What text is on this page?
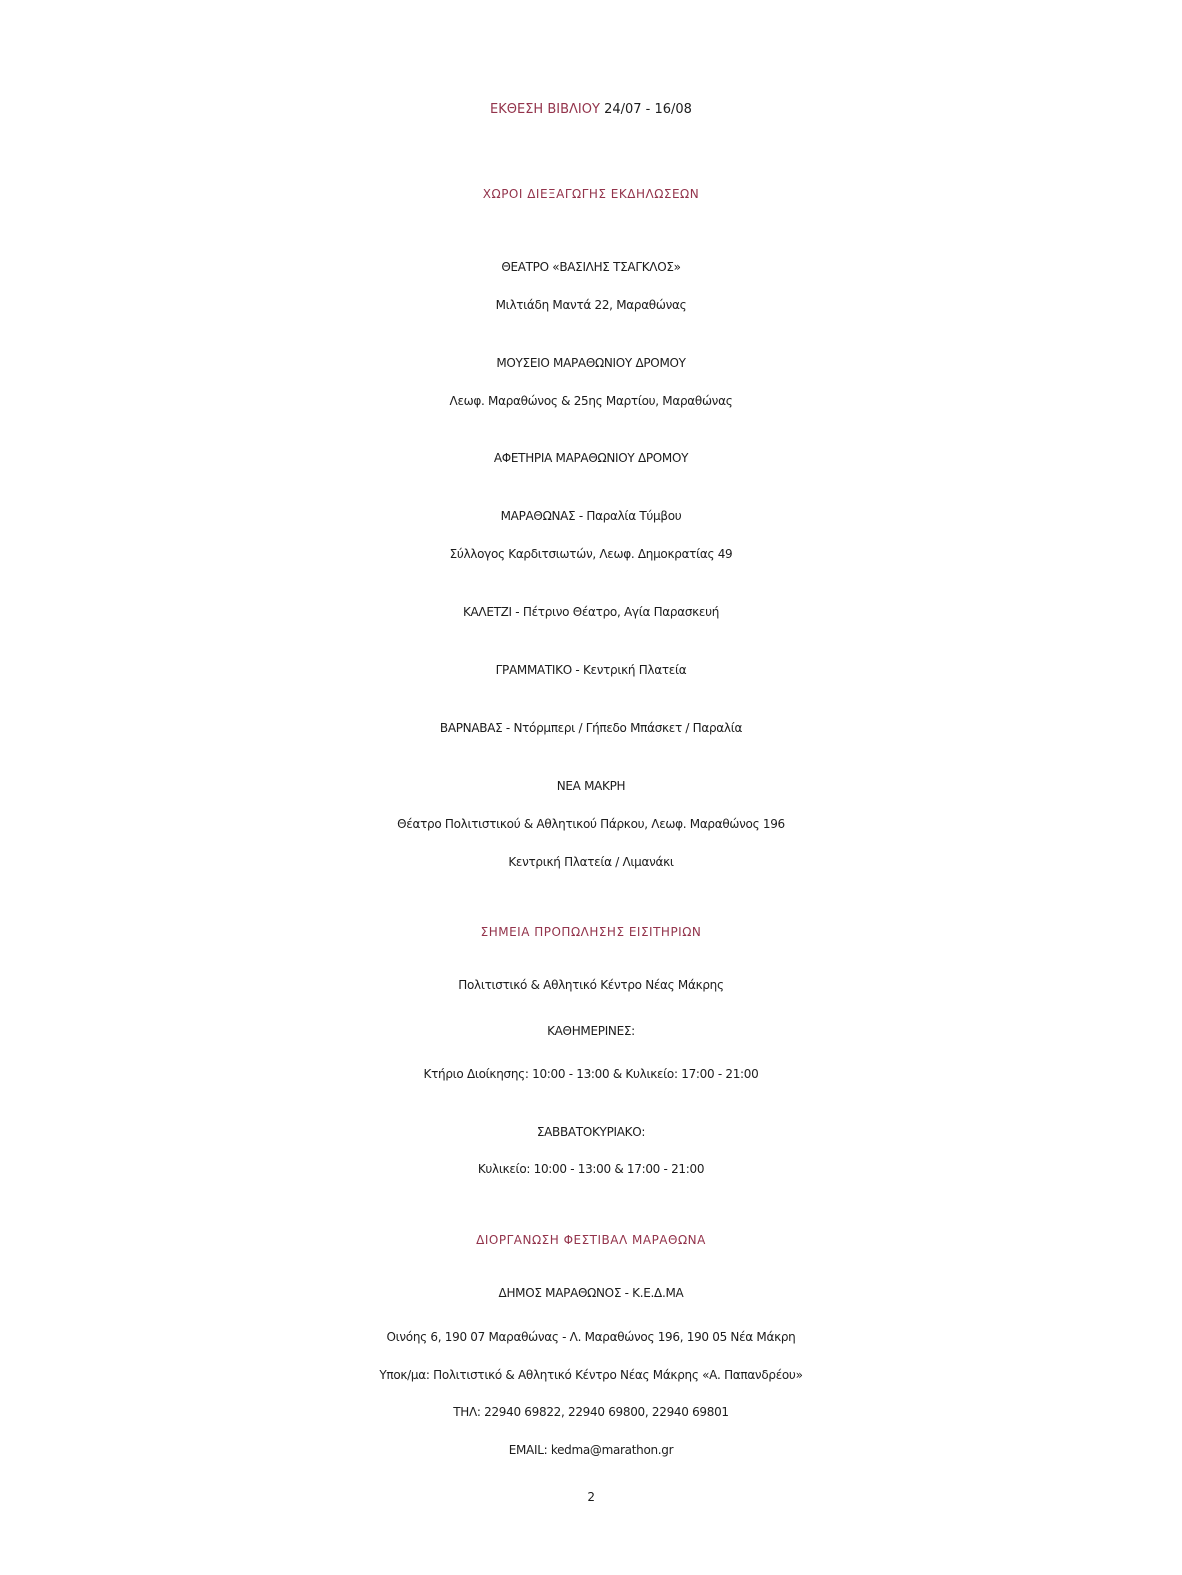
ΕΚΘΕΣΗ ΒΙΒΛΙΟΥ 24/07 - 16/08
ΧΩΡΟΙ ΔΙΕΞΑΓΩΓΗΣ ΕΚΔΗΛΩΣΕΩΝ
ΘΕΑΤΡΟ «ΒΑΣΙΛΗΣ ΤΣΑΓΚΛΟΣ»
Μιλτιάδη Μαντά 22, Μαραθώνας
ΜΟΥΣΕΙΟ ΜΑΡΑΘΩΝΙΟΥ ΔΡΟΜΟΥ
Λεωφ. Μαραθώνος & 25ης Μαρτίου, Μαραθώνας
ΑΦΕΤΗΡΙΑ ΜΑΡΑΘΩΝΙΟΥ ΔΡΟΜΟΥ
ΜΑΡΑΘΩΝΑΣ - Παραλία Τύμβου
Σύλλογος Καρδιτσιωτών, Λεωφ. Δημοκρατίας 49
ΚΑΛΕΤΖΙ - Πέτρινο Θέατρο, Αγία Παρασκευή
ΓΡΑΜΜΑΤΙΚΟ - Κεντρική Πλατεία
ΒΑΡΝΑΒΑΣ - Ντόρμπερι / Γήπεδο Μπάσκετ / Παραλία
ΝΕΑ ΜΑΚΡΗ
Θέατρο Πολιτιστικού & Αθλητικού Πάρκου, Λεωφ. Μαραθώνος 196
Κεντρική Πλατεία / Λιμανάκι
ΣΗΜΕΙΑ ΠΡΟΠΩΛΗΣΗΣ ΕΙΣΙΤΗΡΙΩΝ
Πολιτιστικό & Αθλητικό Κέντρο Νέας Μάκρης
ΚΑΘΗΜΕΡΙΝΕΣ:
Κτήριο Διοίκησης: 10:00 - 13:00 & Κυλικείο: 17:00 - 21:00
ΣΑΒΒΑΤΟΚΥΡΙΑΚΟ:
Κυλικείο: 10:00 - 13:00 & 17:00 - 21:00
ΔΙΟΡΓΑΝΩΣΗ ΦΕΣΤΙΒΑΛ ΜΑΡΑΘΩΝΑ
ΔΗΜΟΣ ΜΑΡΑΘΩΝΟΣ - Κ.Ε.Δ.ΜΑ
Οινόης 6, 190 07 Μαραθώνας - Λ. Μαραθώνος 196, 190 05 Νέα Μάκρη
Υποκ/μα: Πολιτιστικό & Αθλητικό Κέντρο Νέας Μάκρης «Α. Παπανδρέου»
ΤΗΛ: 22940 69822, 22940 69800, 22940 69801
EMAIL: kedma@marathon.gr
2
